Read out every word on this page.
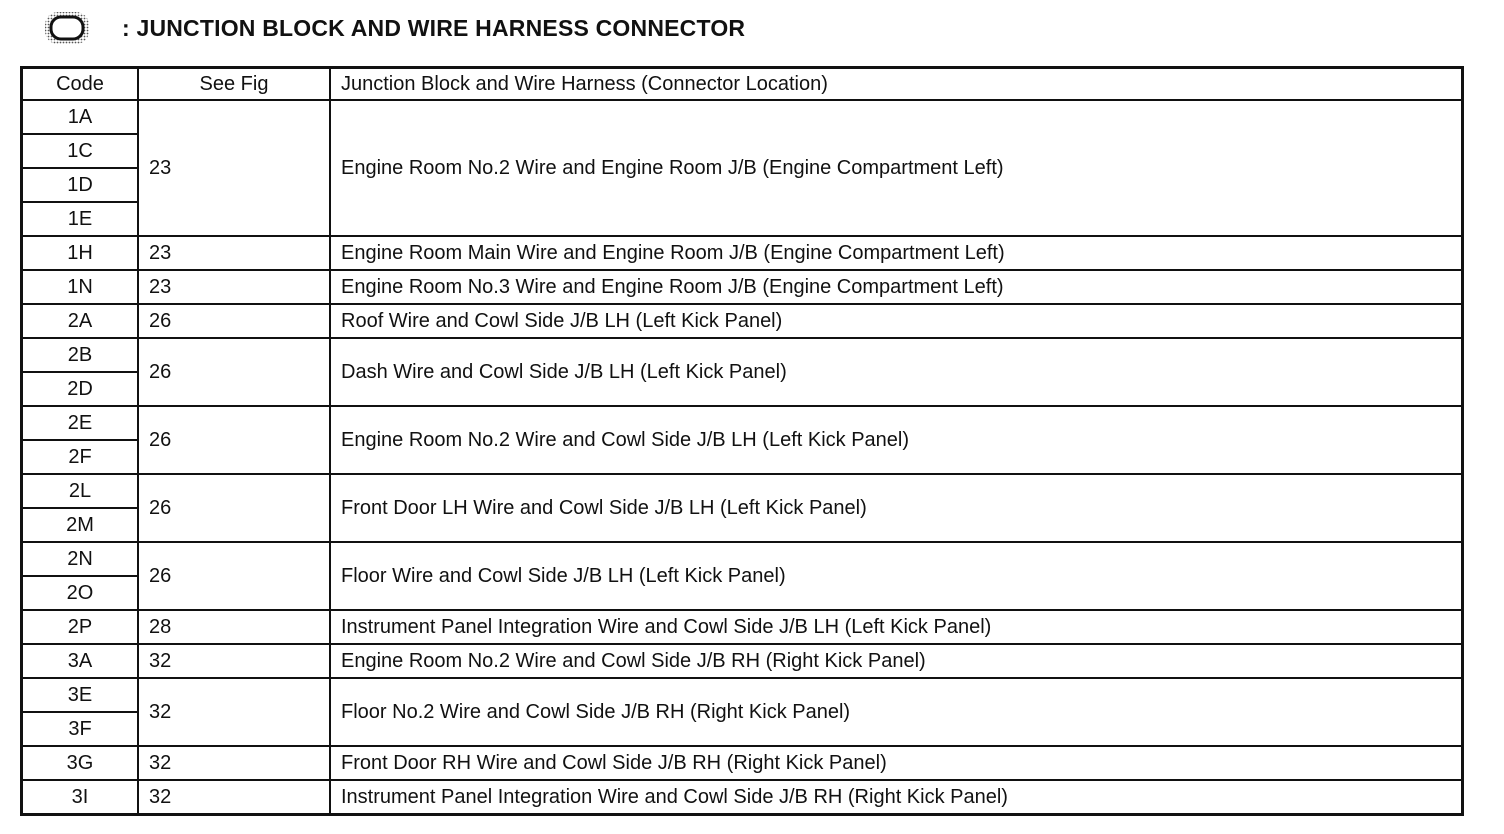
: JUNCTION BLOCK AND WIRE HARNESS CONNECTOR
Code	See Fig	Junction Block and Wire Harness (Connector Location)
1A	23	Engine Room No.2 Wire and Engine Room J/B (Engine Compartment Left)
1C		
1D		
1E		
1H	23	Engine Room Main Wire and Engine Room J/B (Engine Compartment Left)
1N	23	Engine Room No.3 Wire and Engine Room J/B (Engine Compartment Left)
2A	26	Roof Wire and Cowl Side J/B LH (Left Kick Panel)
2B	26	Dash Wire and Cowl Side J/B LH (Left Kick Panel)
2D		
2E	26	Engine Room No.2 Wire and Cowl Side J/B LH (Left Kick Panel)
2F		
2L	26	Front Door LH Wire and Cowl Side J/B LH (Left Kick Panel)
2M		
2N	26	Floor Wire and Cowl Side J/B LH (Left Kick Panel)
2O		
2P	28	Instrument Panel Integration Wire and Cowl Side J/B LH (Left Kick Panel)
3A	32	Engine Room No.2 Wire and Cowl Side J/B RH (Right Kick Panel)
3E	32	Floor No.2 Wire and Cowl Side J/B RH (Right Kick Panel)
3F		
3G	32	Front Door RH Wire and Cowl Side J/B RH (Right Kick Panel)
3I	32	Instrument Panel Integration Wire and Cowl Side J/B RH (Right Kick Panel)
